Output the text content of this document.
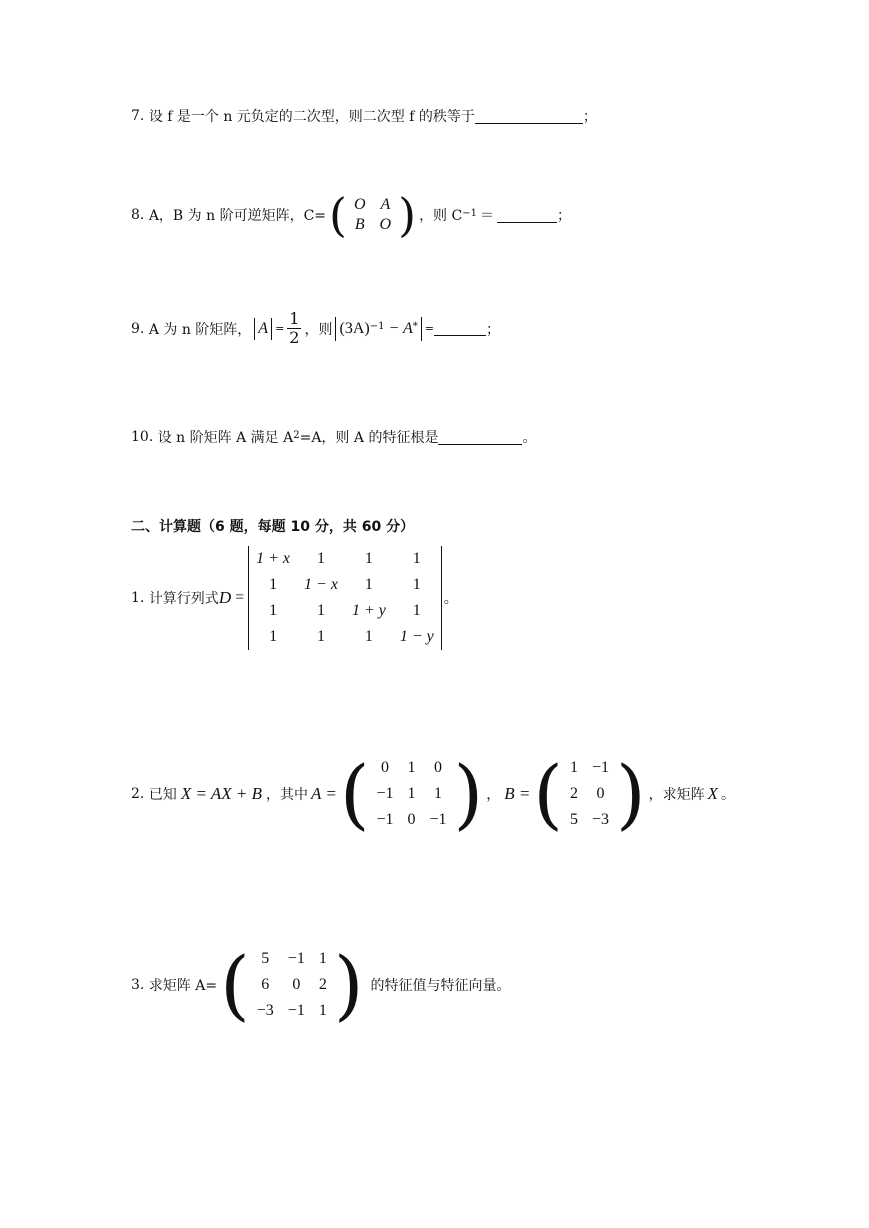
7.
设 f 是一个 n 元负定的二次型，则二次型 f 的秩等于	；
8.
A，B 为 n 阶可逆矩阵，C= ( O	A
B	O ) ，则 $C^{-1}$ ＝	；
9.
A 为 n 阶矩阵， $A = \frac{1}{2}$ ，则 $(3A)^{-1} - A^*$ =	；
10.
设 n 阶矩阵 A 满足 $A^2 =A$，则 A 的特征根是	。
二、计算题（6 题，每题 10 分，共 60 分）
1.
计算行列式 D =
1 + x	1	1	1
1	1 − x	1	1
1	1	1 + y	1
1	1	1	1 − y
。
2.
已知 X = AX + B ，其中 A = ( 0	1	0
−1	1	1
−1	0	−1 ) ， B = ( 1	−1
2	0
5	−3 ) ，求矩阵 X 。
3.
求矩阵 A= ( 5	−1	1
6	0	2
−3	−1	1 ) 的特征值与特征向量。
